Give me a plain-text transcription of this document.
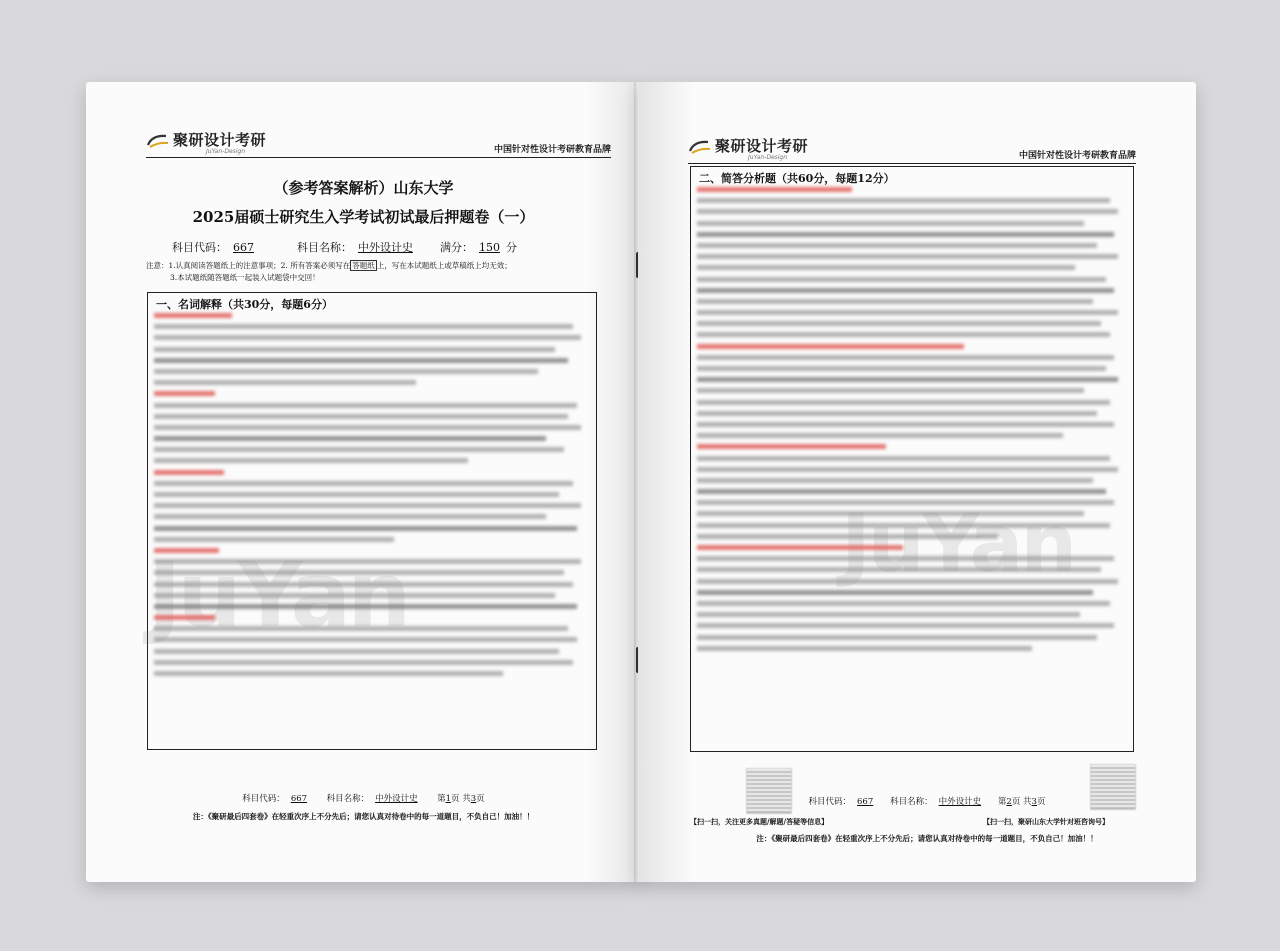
聚研设计考研
JuYan-Design	中国针对性设计考研教育品牌
（参考答案解析）山东大学
2025届硕士研究生入学考试初试最后押题卷（一）
科目代码： 667	科目名称： 中外设计史 满分： 150 分
注意：1.认真阅读答题纸上的注意事项；2. 所有答案必须写在 答题纸 上，写在本试题纸上或草稿纸上均无效；
3.本试题纸随答题纸一起装入试题袋中交回！
一、名词解释（共30分，每题6分）
科目代码： 667 科目名称： 中外设计史 第1页 共3页
注：《聚研最后四套卷》在轻重次序上不分先后；请您认真对待卷中的每一道题目，不负自己！加油！！
聚研设计考研
JuYan-Design	中国针对性设计考研教育品牌
二、简答分析题（共60分，每题12分）
JuYan
科目代码： 667 科目名称： 中外设计史 第2页 共3页
【扫一扫，关注更多真题/解题/答疑等信息】	【扫一扫，聚研山东大学针对班咨询号】
注：《聚研最后四套卷》在轻重次序上不分先后；请您认真对待卷中的每一道题目，不负自己！加油！！
